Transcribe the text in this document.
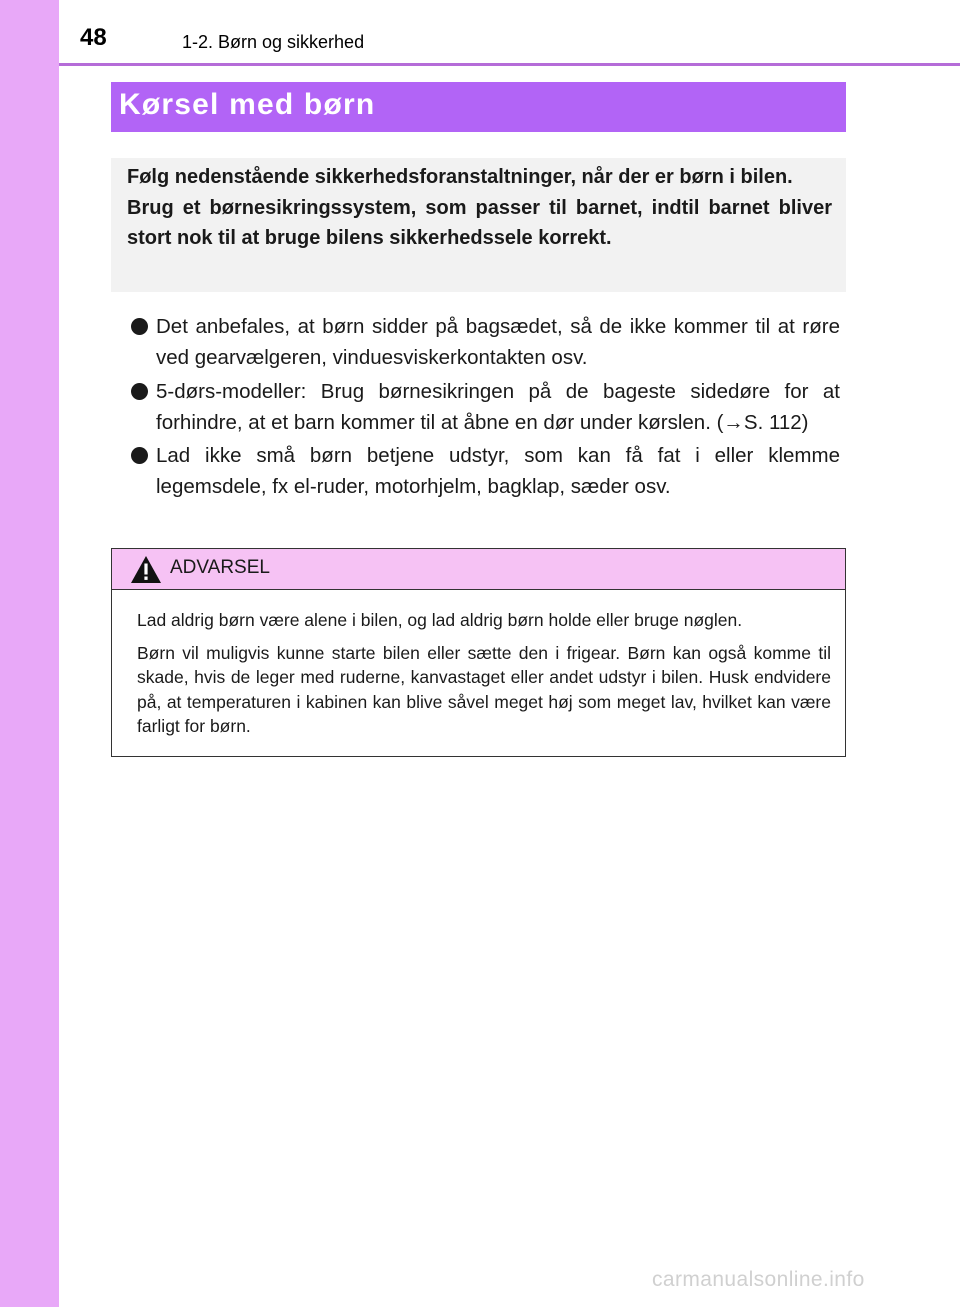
48	1-2. Børn og sikkerhed
Kørsel med børn

Følg nedenstående sikkerhedsforanstaltninger, når der er børn i bilen.

Brug et børnesikringssystem, som passer til barnet, indtil barnet bliver stort nok til at bruge bilens sikkerhedssele korrekt.

Det anbefales, at børn sidder på bagsædet, så de ikke kommer til at røre ved gearvælgeren, vinduesviskerkontakten osv.
5-dørs-modeller: Brug børnesikringen på de bageste sidedøre for at forhindre, at et barn kommer til at åbne en dør under kørslen. (→S. 112)
Lad ikke små børn betjene udstyr, som kan få fat i eller klemme legemsdele, fx el-ruder, motorhjelm, bagklap, sæder osv.
ADVARSEL

Lad aldrig børn være alene i bilen, og lad aldrig børn holde eller bruge nøglen.

Børn vil muligvis kunne starte bilen eller sætte den i frigear. Børn kan også komme til skade, hvis de leger med ruderne, kanvastaget eller andet udstyr i bilen. Husk endvidere på, at temperaturen i kabinen kan blive såvel meget høj som meget lav, hvilket kan være farligt for børn.

carmanualsonline.info
